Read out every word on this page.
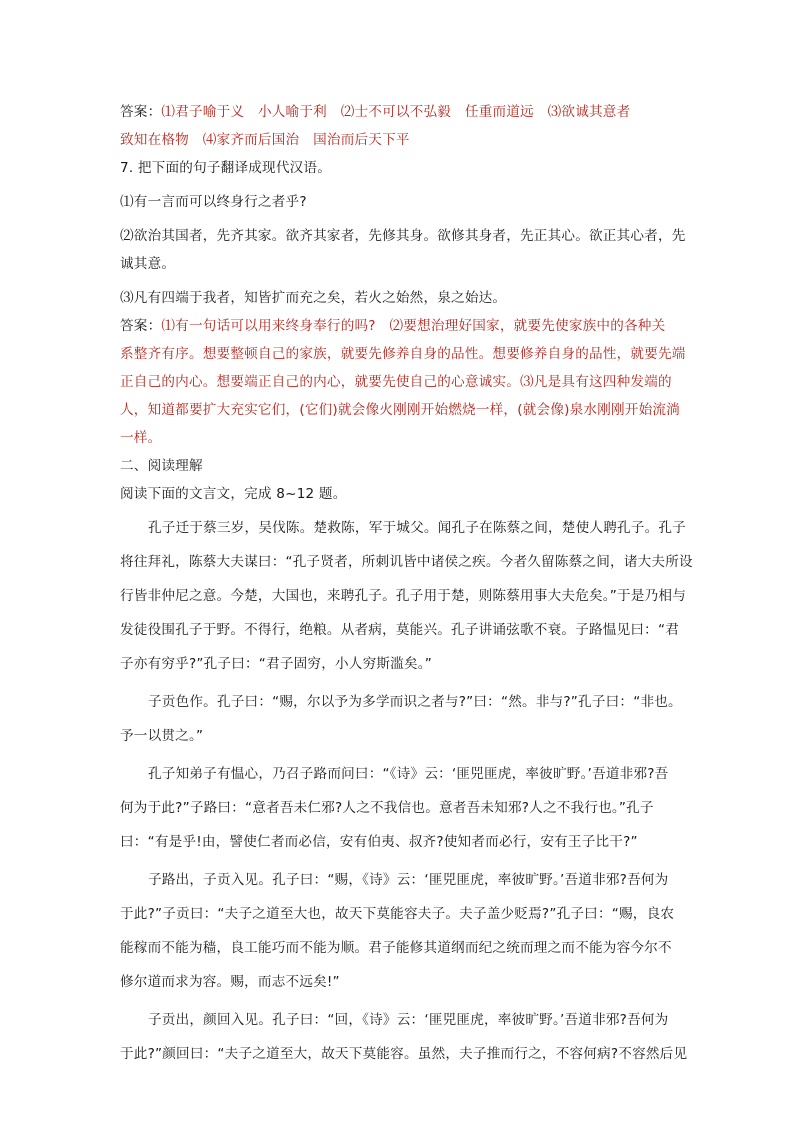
答案：⑴君子喻于义　小人喻于利　⑵士不可以不弘毅　任重而道远　⑶欲诚其意者
致知在格物　⑷家齐而后国治　国治而后天下平
7. 把下面的句子翻译成现代汉语。
⑴有一言而可以终身行之者乎?
⑵欲治其国者，先齐其家。欲齐其家者，先修其身。欲修其身者，先正其心。欲正其心者，先
诚其意。
⑶凡有四端于我者，知皆扩而充之矣，若火之始然，泉之始达。
答案：⑴有一句话可以用来终身奉行的吗?　⑵要想治理好国家，就要先使家族中的各种关
系整齐有序。想要整顿自己的家族，就要先修养自身的品性。想要修养自身的品性，就要先端
正自己的内心。想要端正自己的内心，就要先使自己的心意诚实。⑶凡是具有这四种发端的
人，知道都要扩大充实它们，(它们)就会像火刚刚开始燃烧一样，(就会像)泉水刚刚开始流淌
一样。
二、阅读理解
阅读下面的文言文，完成 8~12 题。
孔子迁于蔡三岁，吴伐陈。楚救陈，军于城父。闻孔子在陈蔡之间，楚使人聘孔子。孔子
将往拜礼，陈蔡大夫谋曰：“孔子贤者，所刺讥皆中诸侯之疾。今者久留陈蔡之间，诸大夫所设
行皆非仲尼之意。今楚，大国也，来聘孔子。孔子用于楚，则陈蔡用事大夫危矣。”于是乃相与
发徒役围孔子于野。不得行，绝粮。从者病，莫能兴。孔子讲诵弦歌不衰。子路愠见曰：“君
子亦有穷乎?”孔子曰：“君子固穷，小人穷斯滥矣。”
子贡色作。孔子曰：“赐，尔以予为多学而识之者与?”曰：“然。非与?”孔子曰：“非也。
予一以贯之。”
孔子知弟子有愠心，乃召子路而问曰：“《诗》云：‘匪兕匪虎，率彼旷野。’吾道非邪?吾
何为于此?”子路曰：“意者吾未仁邪?人之不我信也。意者吾未知邪?人之不我行也。”孔子
曰：“有是乎!由，譬使仁者而必信，安有伯夷、叔齐?使知者而必行，安有王子比干?”
子路出，子贡入见。孔子曰：“赐，《诗》云：‘匪兕匪虎，率彼旷野。’吾道非邪?吾何为
于此?”子贡曰：“夫子之道至大也，故天下莫能容夫子。夫子盖少贬焉?”孔子曰：“赐，良农
能稼而不能为穑，良工能巧而不能为顺。君子能修其道纲而纪之统而理之而不能为容今尔不
修尔道而求为容。赐，而志不远矣!”
子贡出，颜回入见。孔子曰：“回，《诗》云：‘匪兕匪虎，率彼旷野。’吾道非邪?吾何为
于此?”颜回曰：“夫子之道至大，故天下莫能容。虽然，夫子推而行之，不容何病?不容然后见
